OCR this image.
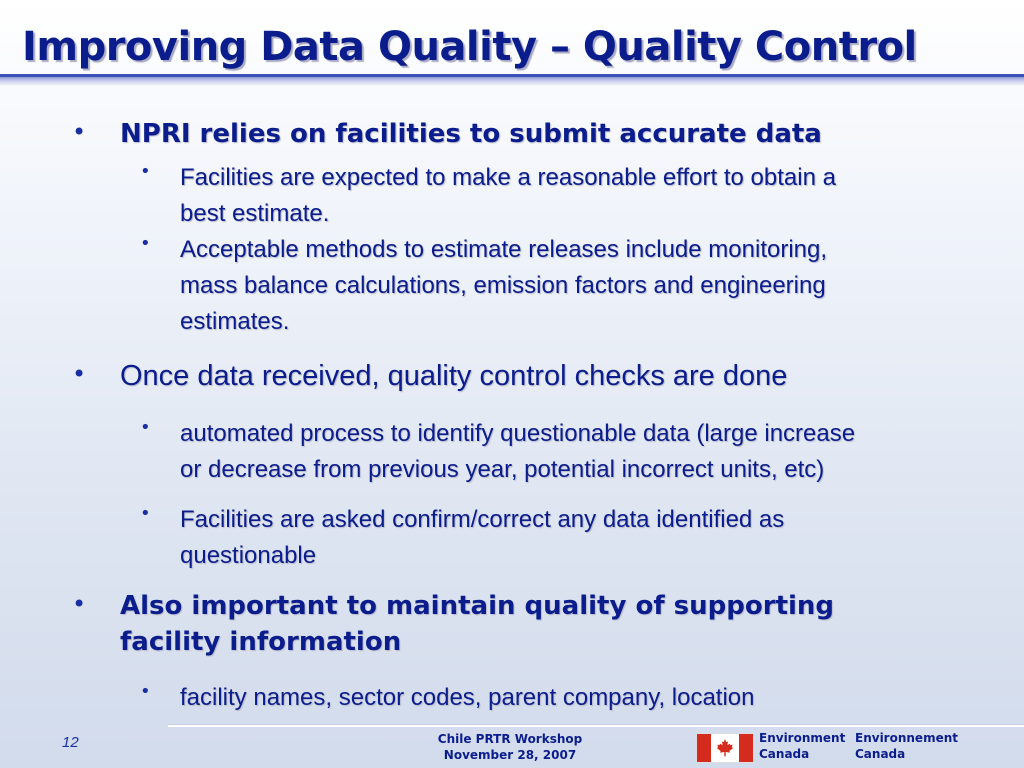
Improving Data Quality – Quality Control
• NPRI relies on facilities to submit accurate data
• Facilities are expected to make a reasonable effort to obtain a
best estimate.
• Acceptable methods to estimate releases include monitoring,
mass balance calculations, emission factors and engineering
estimates.
• Once data received, quality control checks are done
• automated process to identify questionable data (large increase
or decrease from previous year, potential incorrect units, etc)
• Facilities are asked confirm/correct any data identified as
questionable
• Also important to maintain quality of supporting
facility information
• facility names, sector codes, parent company, location
12	Chile PRTR Workshop
November 28, 2007
Environment
Canada
Environnement
Canada
